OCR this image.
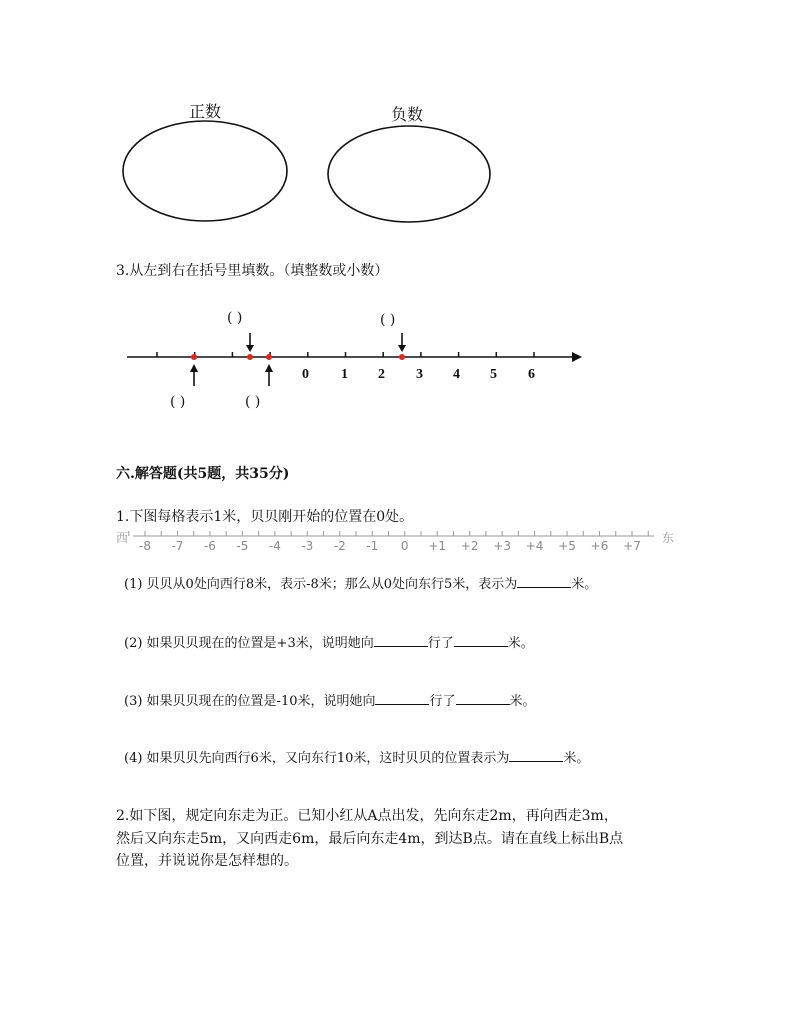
正数	负数
3.从左到右在括号里填数。（填整数或小数）
( )	( )
( )	( )
0 1 2 3 4 5 6
六.解答题(共5题，共35分)
1.下图每格表示1米，贝贝刚开始的位置在0处。
西	东
-8	-7	-6	-5	-4	-3	-2	-1	0	+1 +2 +3 +4 +5 +6 +7
(1) 贝贝从0处向西行8米，表示-8米；那么从0处向东行5米，表示为	米。
(2) 如果贝贝现在的位置是+3米，说明她向	行了	米。
(3) 如果贝贝现在的位置是-10米，说明她向	行了	米。
(4) 如果贝贝先向西行6米，又向东行10米，这时贝贝的位置表示为	米。
2.如下图，规定向东走为正。已知小红从A点出发，先向东走2m，再向西走3m，
然后又向东走5m，又向西走6m，最后向东走4m，到达B点。请在直线上标出B点
位置，并说说你是怎样想的。
